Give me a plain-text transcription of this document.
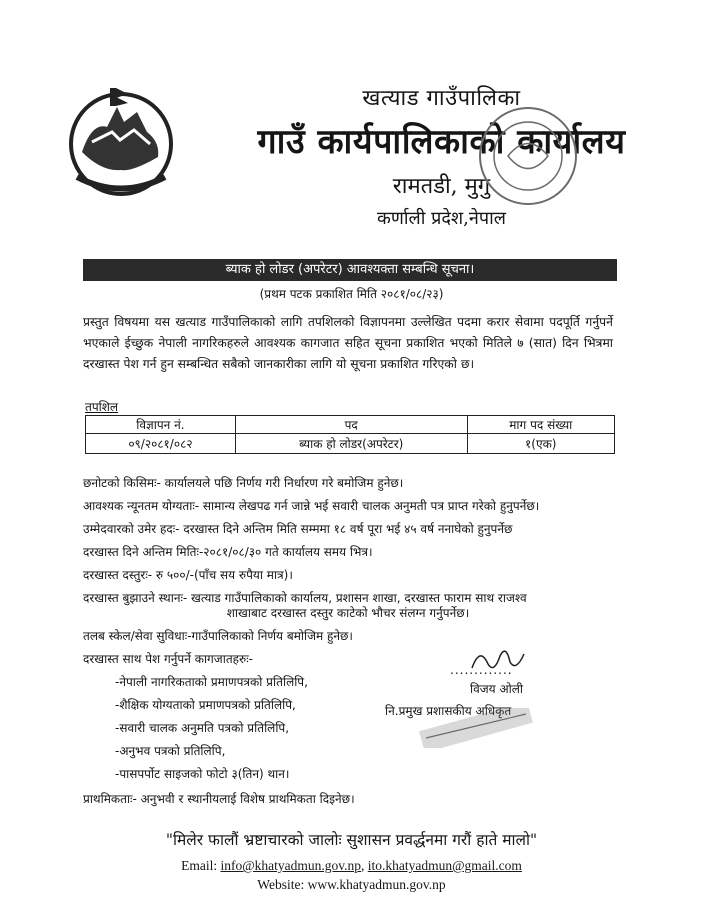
खत्याड गाउँपालिका
गाउँ कार्यपालिकाको कार्यालय
रामतडी, मुगु
कर्णाली प्रदेश,नेपाल
ब्याक हो लोडर (अपरेटर) आवश्यक्ता सम्बन्धि सूचना।
(प्रथम पटक प्रकाशित मिति २०८१/०८/२३)
प्रस्तुत विषयमा यस खत्याड गाउँपालिकाको लागि तपशिलको विज्ञापनमा उल्लेखित पदमा करार सेवामा पदपूर्ति गर्नुपर्ने भएकाले ईच्छुक नेपाली नागरिकहरुले आवश्यक कागजात सहित सूचना प्रकाशित भएको मितिले ७ (सात) दिन भित्रमा दरखास्त पेश गर्न हुन सम्बन्धित सबैको जानकारीका लागि यो सूचना प्रकाशित गरिएको छ।
तपशिल
विज्ञापन नं.	पद	माग पद संख्या
०९/२०८१/०८२	ब्याक हो लोडर(अपरेटर)	१(एक)
छनोटको किसिमः- कार्यालयले पछि निर्णय गरी निर्धारण गरे बमोजिम हुनेछ।
आवश्यक न्यूनतम योग्यताः- सामान्य लेखपढ गर्न जान्ने भई सवारी चालक अनुमती पत्र प्राप्त गरेको हुनुपर्नेछ।
उम्मेदवारको उमेर हदः- दरखास्त दिने अन्तिम मिति सम्ममा १८ वर्ष पूरा भई ४५ वर्ष ननाघेको हुनुपर्नेछ
दरखास्त दिने अन्तिम मितिः-२०८१/०८/३० गते कार्यालय समय भित्र।
दरखास्त दस्तुरः- रु ५००/-(पाँच सय रुपैया मात्र)।
दरखास्त बुझाउने स्थानः- खत्याड गाउँपालिकाको कार्यालय, प्रशासन शाखा, दरखास्त फाराम साथ राजश्व
शाखाबाट दरखास्त दस्तुर काटेको भौचर संलग्न गर्नुपर्नेछ।
तलब स्केल/सेवा सुविधाः-गाउँपालिकाको निर्णय बमोजिम हुनेछ।
दरखास्त साथ पेश गर्नुपर्ने कागजातहरुः-
-नेपाली नागरिकताको प्रमाणपत्रको प्रतिलिपि,
-शैक्षिक योग्यताको प्रमाणपत्रको प्रतिलिपि,
-सवारी चालक अनुमति पत्रको प्रतिलिपि,
-अनुभव पत्रको प्रतिलिपि,
-पासपर्पोट साइजको फोटो ३(तिन) थान।
प्राथमिकताः- अनुभवी र स्थानीयलाई विशेष प्राथमिकता दिइनेछ।
.............
विजय ओली
नि.प्रमुख प्रशासकीय अधिकृत
"मिलेर फालौं भ्रष्टाचारको जालोः सुशासन प्रवर्द्धनमा गरौं हाते मालो"
Email: info@khatyadmun.gov.np, ito.khatyadmun@gmail.com
Website: www.khatyadmun.gov.np
